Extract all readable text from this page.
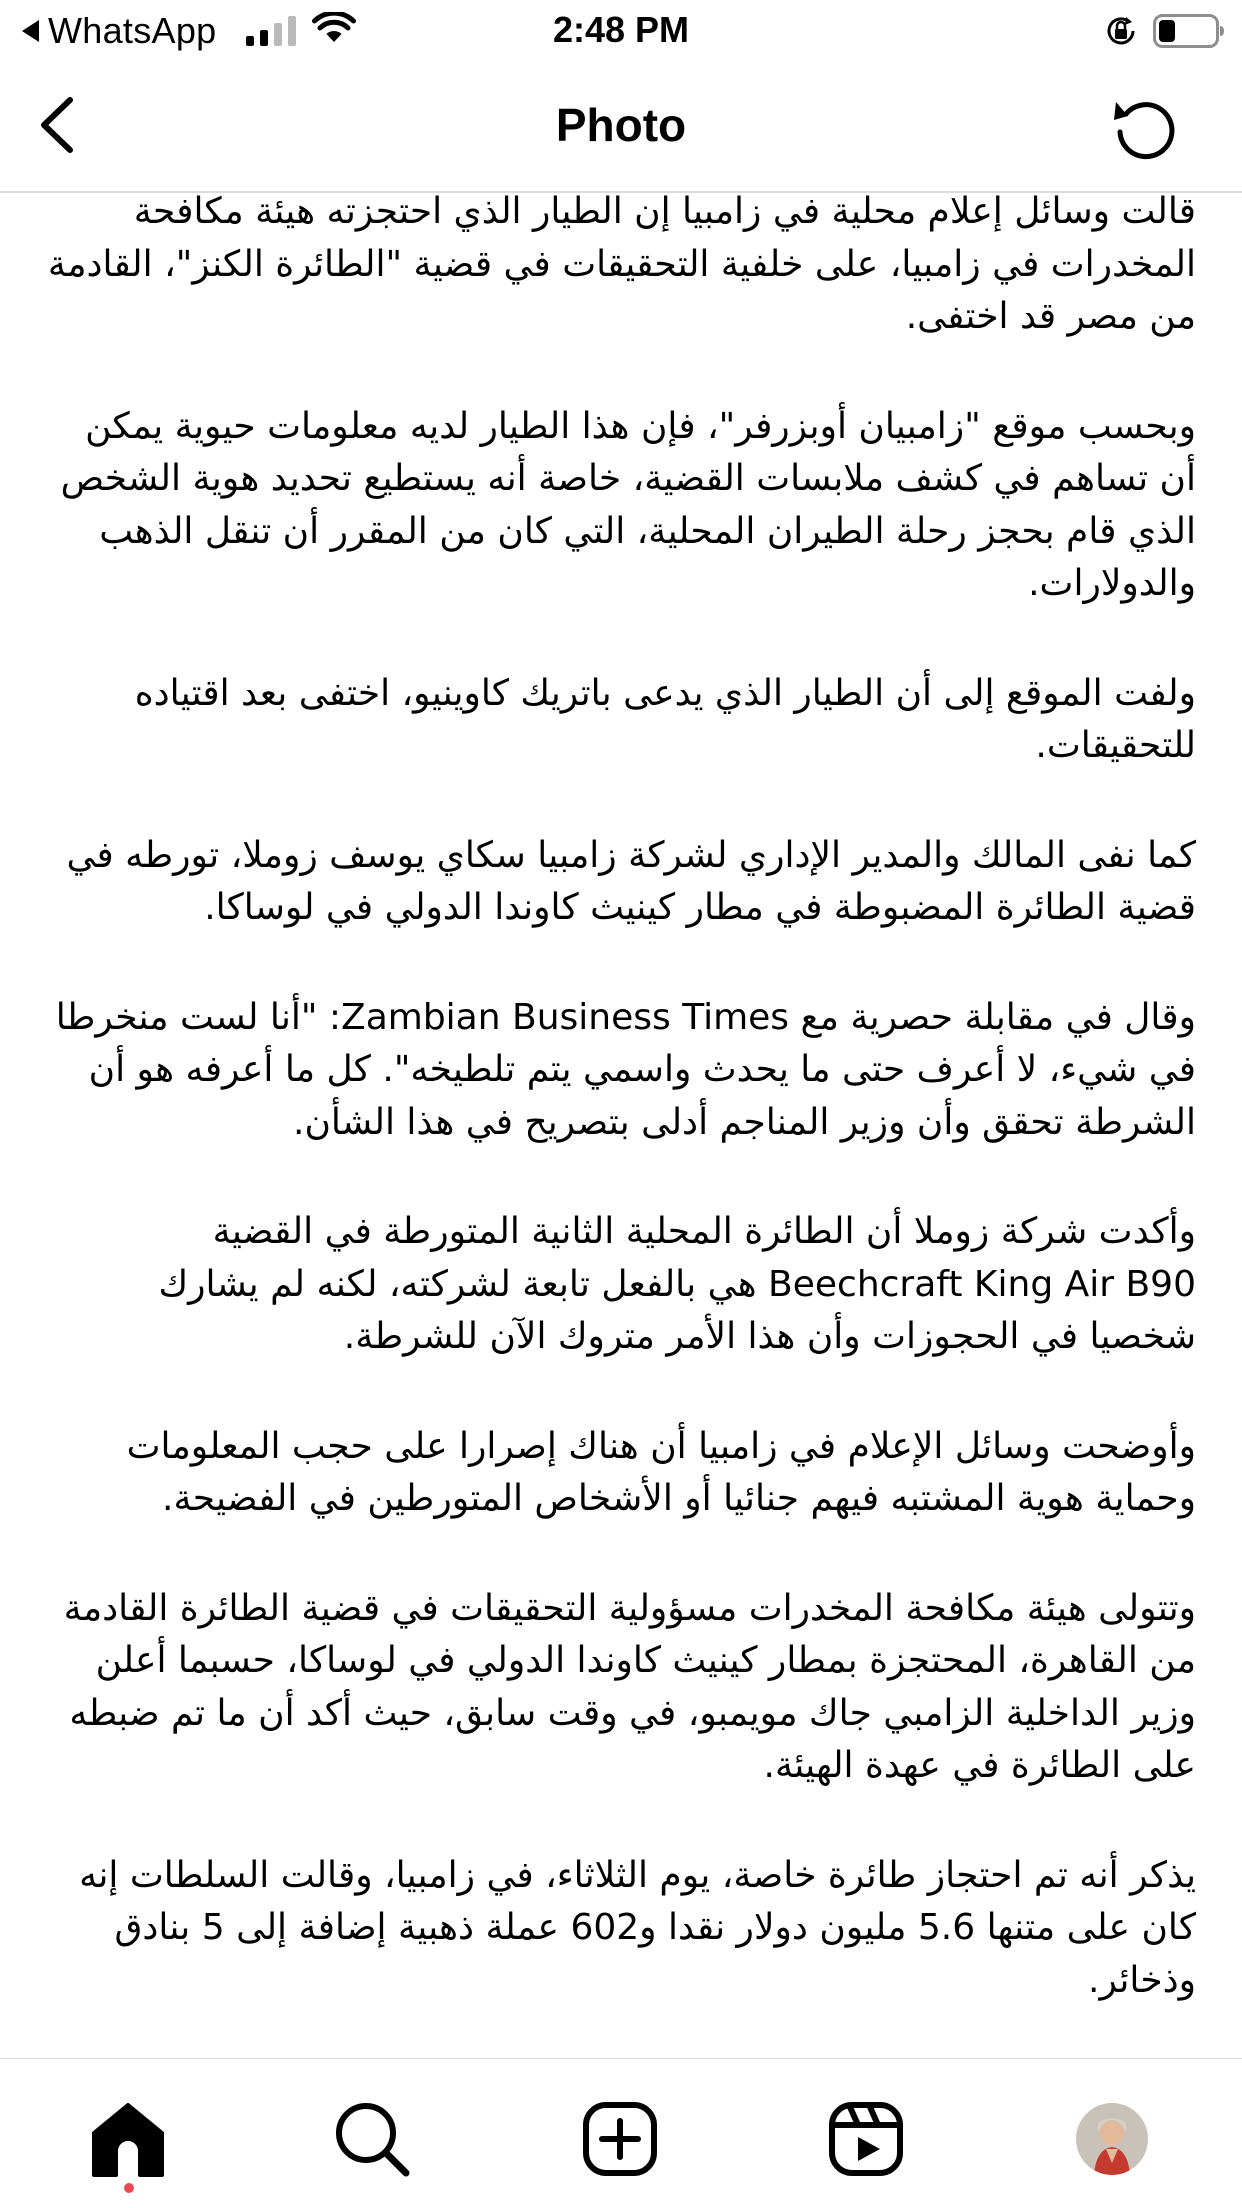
WhatsApp	2:48 PM
Photo

قالت وسائل إعلام محلية في زامبيا إن الطيار الذي احتجزته هيئة مكافحة المخدرات في زامبيا، على خلفية التحقيقات في قضية "الطائرة الكنز"، القادمة من مصر قد اختفى.

وبحسب موقع "زامبيان أوبزرفر"، فإن هذا الطيار لديه معلومات حيوية يمكن أن تساهم في كشف ملابسات القضية، خاصة أنه يستطيع تحديد هوية الشخص الذي قام بحجز رحلة الطيران المحلية، التي كان من المقرر أن تنقل الذهب والدولارات.

ولفت الموقع إلى أن الطيار الذي يدعى باتريك كاوينيو، اختفى بعد اقتياده للتحقيقات.

كما نفى المالك والمدير الإداري لشركة زامبيا سكاي يوسف زوملا، تورطه في قضية الطائرة المضبوطة في مطار كينيث كاوندا الدولي في لوساكا.

وقال في مقابلة حصرية مع Zambian Business Times: "أنا لست منخرطا في شيء، لا أعرف حتى ما يحدث واسمي يتم تلطيخه". كل ما أعرفه هو أن الشرطة تحقق وأن وزير المناجم أدلى بتصريح في هذا الشأن.

وأكدت شركة زوملا أن الطائرة المحلية الثانية المتورطة في القضية Beechcraft King Air B90 هي بالفعل تابعة لشركته، لكنه لم يشارك شخصيا في الحجوزات وأن هذا الأمر متروك الآن للشرطة.

وأوضحت وسائل الإعلام في زامبيا أن هناك إصرارا على حجب المعلومات وحماية هوية المشتبه فيهم جنائيا أو الأشخاص المتورطين في الفضيحة.

وتتولى هيئة مكافحة المخدرات مسؤولية التحقيقات في قضية الطائرة القادمة من القاهرة، المحتجزة بمطار كينيث كاوندا الدولي في لوساكا، حسبما أعلن وزير الداخلية الزامبي جاك مويمبو، في وقت سابق، حيث أكد أن ما تم ضبطه على الطائرة في عهدة الهيئة.

يذكر أنه تم احتجاز طائرة خاصة، يوم الثلاثاء، في زامبيا، وقالت السلطات إنه كان على متنها 5.6 مليون دولار نقدا و602 عملة ذهبية إضافة إلى 5 بنادق وذخائر.
